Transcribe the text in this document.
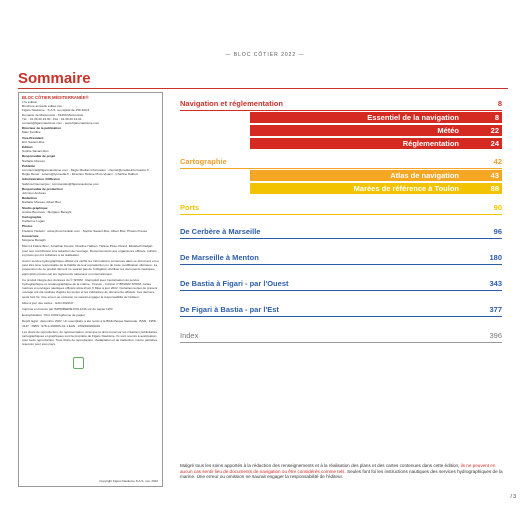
— BLOC CÔTIER 2022 —
Sommaire
BLOC CÔTIER MÉDITERRANÉE®
17e édition
Brochure annuelle éditée par :
Figaro Nautisme - S.A.S. au capital de 150.400 €
Domaine de Marcoussis - 91460 Marcoussis
Tél. : 01.39.20.19.00 - Fax : 01.39.20.19.04
contact@figaronautisme.com - www.figaronautisme.com
Directeur de la publication
Marc Feuillée
Vice-Président
Eric Savant-Ros
Édition
Sophie Savant-Ros
Responsable de projet
Nathalie Moreau
Publicité
commercial@figaronautisme.com - Régie Médias Information : clientel@media-information.fr - Régie Renet : solenn@lysmedia.fr - Direction Hélène Pinto-Vivanz - Charline Halbert
Administration / Diffusion
Sabrina Doumenjou : commandes@figaronautisme.com
Responsable de production
Johnson Ambeau
Rédaction
Nathalie Moreau, Albert Brel
Studio graphique
Amélie Bourrous - Morgane Beraghi
Cartographie
Catherine Logan
Photos
Frédéric Hédelin : www.photo.hedelin.com - Sophie Savant-Ros, Albert Brel, Photos Presse
Couverture
Morgane Beraghi

Merci à Fatine Brez, Jonathan Dessis, Charline Halbert, Hélène Pinto-Vivanz, Elisabeth Radjah pour leur contribution à la rédaction de l'ouvrage. Remerciements aux organismes officiels, publics et privés qui ont collaboré à sa réalisation.

Aucun service hydrographique officiel n'a vérifié les informations contenues dans ce document et ne peut être tenu responsable de la fidélité de leur reproduction ou de toute modification ultérieure. La possession de ce produit dément ne saurait pas de l'obligation d'utiliser les documents nautiques appropriés prévus par les règlements nationaux ou internationaux.

Ce produit intègre des données du © SHOM - Reproduit avec l'autorisation du service hydrographique et océanographique de la marine - France - Contrat n° 88/2022 SHOM, cartes marines et ouvrages nautiques officiels www.shom.fr Mise à jour 2022. Certaines textes de présent ouvrage ont été réalisés d'après les textes et les indications de documents officiels. Ces derniers seuls font foi. Une erreur ou omission ne saurait engager la responsabilité de l'éditeur.

Mise à jour des cartes : GAN 2022/47.

Imprimé en France par IMPRIMERIE ROLLINA sur du papier LWC

Eutrophisation : Ptot 0.009 kg/tonne de papier

Dépôt légal : décembre 2022. Un exemplaire a été remis à la Bibliothèque Nationale. ISSN : 1956-4147 - ISBN : 978-2-490206-01-1 EAN : 9782490206016

Les droits de reproduction, de représentation, ainsi que le droit moral sur les créations publicitaires, cartographiques et graphiques sont la propriété de Figaro Nautisme. Ils sont soumis à autorisation pour toute reproduction. Tous droits de reproduction, d'adaptation et de traduction, même partielles, réservés pour tous pays.

Copyright Figaro Nautisme S.A.S. nov. 2022
Navigation et réglementation	8
Essentiel de la navigation	8
Météo	22
Réglementation	24
Cartographie	42
Atlas de navigation	43
Marées de référence à Toulon	88
Ports	90
De Cerbère à Marseille	96
De Marseille à Menton	180
De Bastia à Figari - par l'Ouest	343
De Figari à Bastia - par l'Est	377
Index	396
Malgré tous les soins apportés à la rédaction des renseignements et à la réalisation des plans et des cartes contenues dans cette édition, ils ne peuvent en aucun cas sentir lieu de documents de navigation ou être considérés comme tels. Seules font foi les instructions nautiques des services hydrographiques de la marine. Une erreur ou omission ne saurait engager la responsabilité de l'éditeur.
/ 3
